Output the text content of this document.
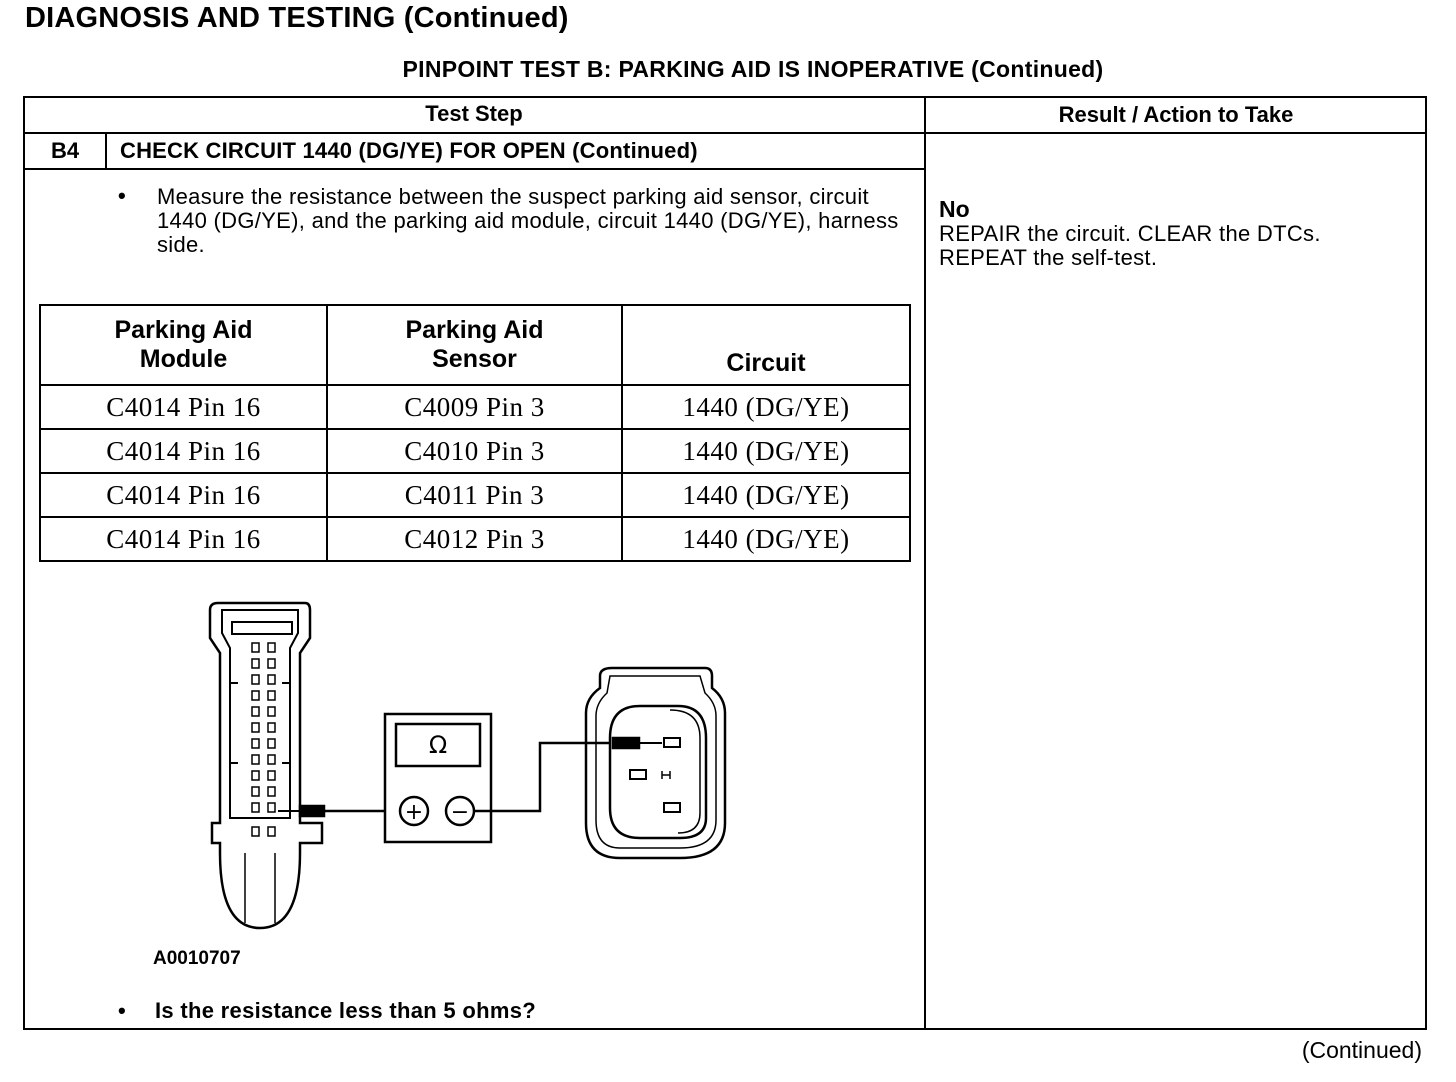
DIAGNOSIS AND TESTING (Continued)
PINPOINT TEST B: PARKING AID IS INOPERATIVE (Continued)
Test Step	Result / Action to Take
B4	CHECK CIRCUIT 1440 (DG/YE) FOR OPEN (Continued)
• Measure the resistance between the suspect parking aid sensor, circuit 1440 (DG/YE), and the parking aid module, circuit 1440 (DG/YE), harness side.
No
REPAIR the circuit. CLEAR the DTCs. REPEAT the self-test.
Parking Aid Module	Parking Aid Sensor	Circuit
C4014 Pin 16	C4009 Pin 3	1440 (DG/YE)
C4014 Pin 16	C4010 Pin 3	1440 (DG/YE)
C4014 Pin 16	C4011 Pin 3	1440 (DG/YE)
C4014 Pin 16	C4012 Pin 3	1440 (DG/YE)
Ω
+ −
A0010707
• Is the resistance less than 5 ohms?
(Continued)
